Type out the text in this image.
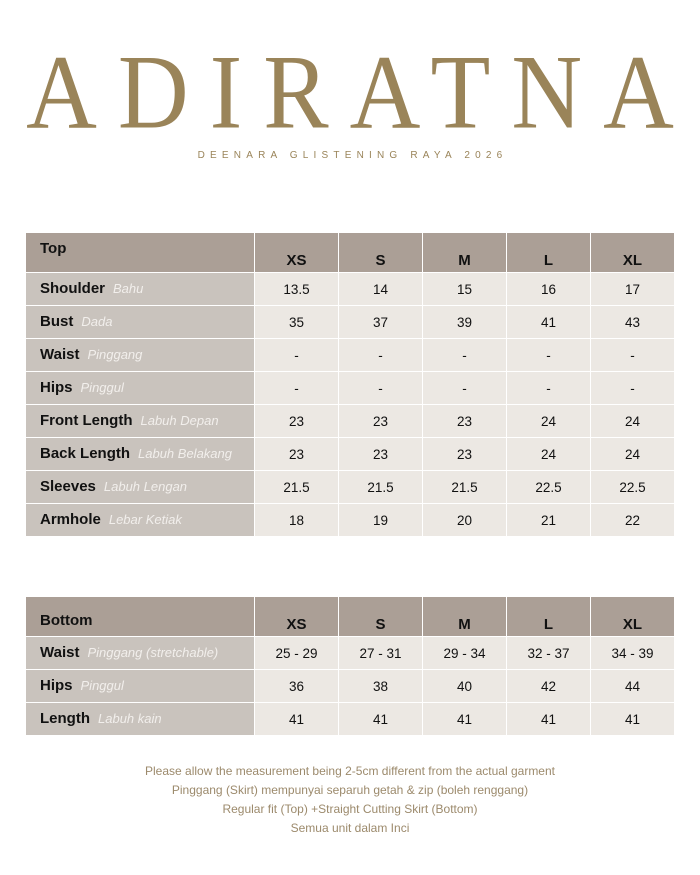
ADIRATNA
DEENARA GLISTENING RAYA 2026
Top	XS	S	M	L	XL
Shoulder Bahu	13.5	14	15	16	17
Bust Dada	35	37	39	41	43
Waist Pinggang	-	-	-	-	-
Hips Pinggul	-	-	-	-	-
Front Length Labuh Depan	23	23	23	24	24
Back Length Labuh Belakang	23	23	23	24	24
Sleeves Labuh Lengan	21.5	21.5	21.5	22.5	22.5
Armhole Lebar Ketiak	18	19	20	21	22
Bottom	XS	S	M	L	XL
Waist Pinggang (stretchable)	25 - 29	27 - 31	29 - 34	32 - 37	34 - 39
Hips Pinggul	36	38	40	42	44
Length Labuh kain	41	41	41	41	41
Please allow the measurement being 2-5cm different from the actual garment
Pinggang (Skirt) mempunyai separuh getah & zip (boleh renggang)
Regular fit (Top) +Straight Cutting Skirt (Bottom)
Semua unit dalam Inci
